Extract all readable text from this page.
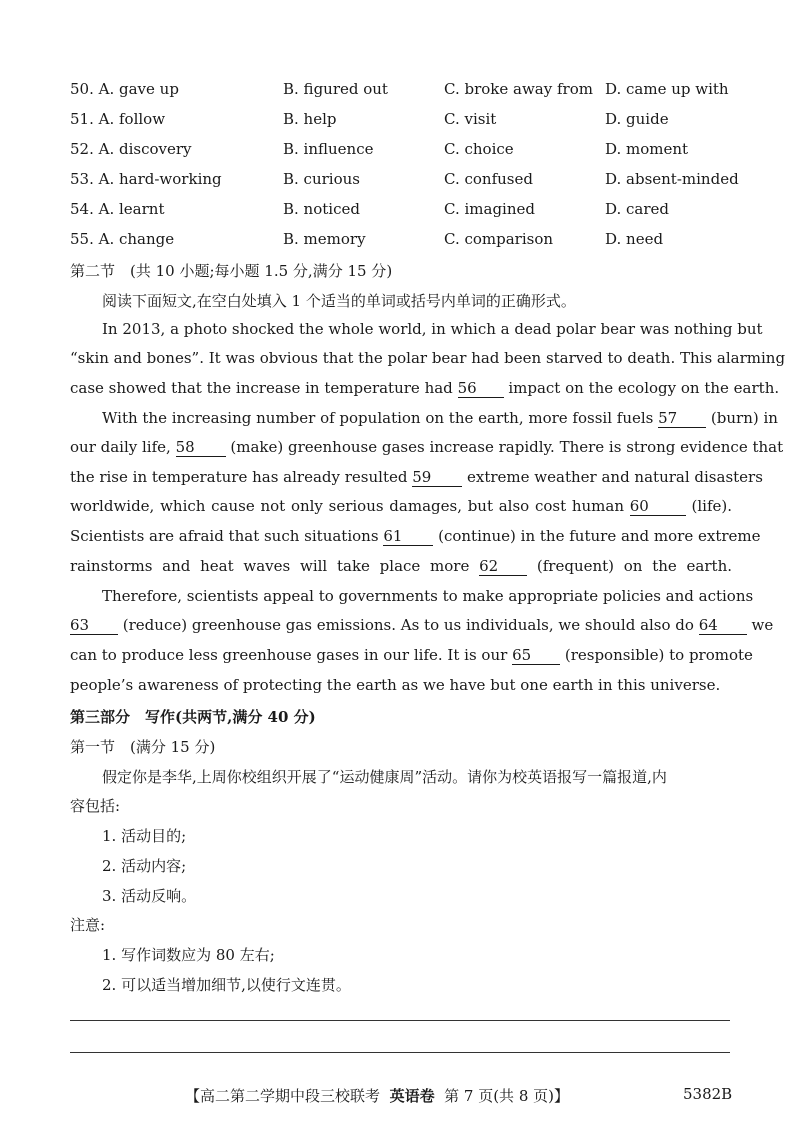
50. A. gave up	B. figured out	C. broke away from D. came up with
51. A. follow	B. help	C. visit	D. guide
52. A. discovery	B. influence	C. choice	D. moment
53. A. hard-working	B. curious	C. confused	D. absent-minded
54. A. learnt	B. noticed	C. imagined	D. cared
55. A. change	B. memory	C. comparison	D. need
第二节　(共 10 小题;每小题 1.5 分,满分 15 分)
阅读下面短文,在空白处填入 1 个适当的单词或括号内单词的正确形式。
In 2013, a photo shocked the whole world, in which a dead polar bear was nothing but
“skin and bones”. It was obvious that the polar bear had been starved to death. This alarming
case showed that the increase in temperature had 56 impact on the ecology on the earth.
With the increasing number of population on the earth, more fossil fuels 57 (burn) in
our daily life, 58 (make) greenhouse gases increase rapidly. There is strong evidence that
the rise in temperature has already resulted 59 extreme weather and natural disasters
worldwide, which cause not only serious damages, but also cost human 60	(life).
Scientists are afraid that such situations 61 (continue) in the future and more extreme
rainstorms and heat waves will take place more 62	(frequent) on the earth.
Therefore, scientists appeal to governments to make appropriate policies and actions
63 (reduce) greenhouse gas emissions. As to us individuals, we should also do 64 we
can to produce less greenhouse gases in our life. It is our 65 (responsible) to promote
people’s awareness of protecting the earth as we have but one earth in this universe.
第三部分　写作(共两节,满分 40 分)
第一节　(满分 15 分)
假定你是李华,上周你校组织开展了“运动健康周”活动。请你为校英语报写一篇报道,内
容包括:
1. 活动目的;
2. 活动内容;
3. 活动反响。
注意:
1. 写作词数应为 80 左右;
2. 可以适当增加细节,以使行文连贯。
【高二第二学期中段三校联考 英语卷 第 7 页(共 8 页)】	5382B
